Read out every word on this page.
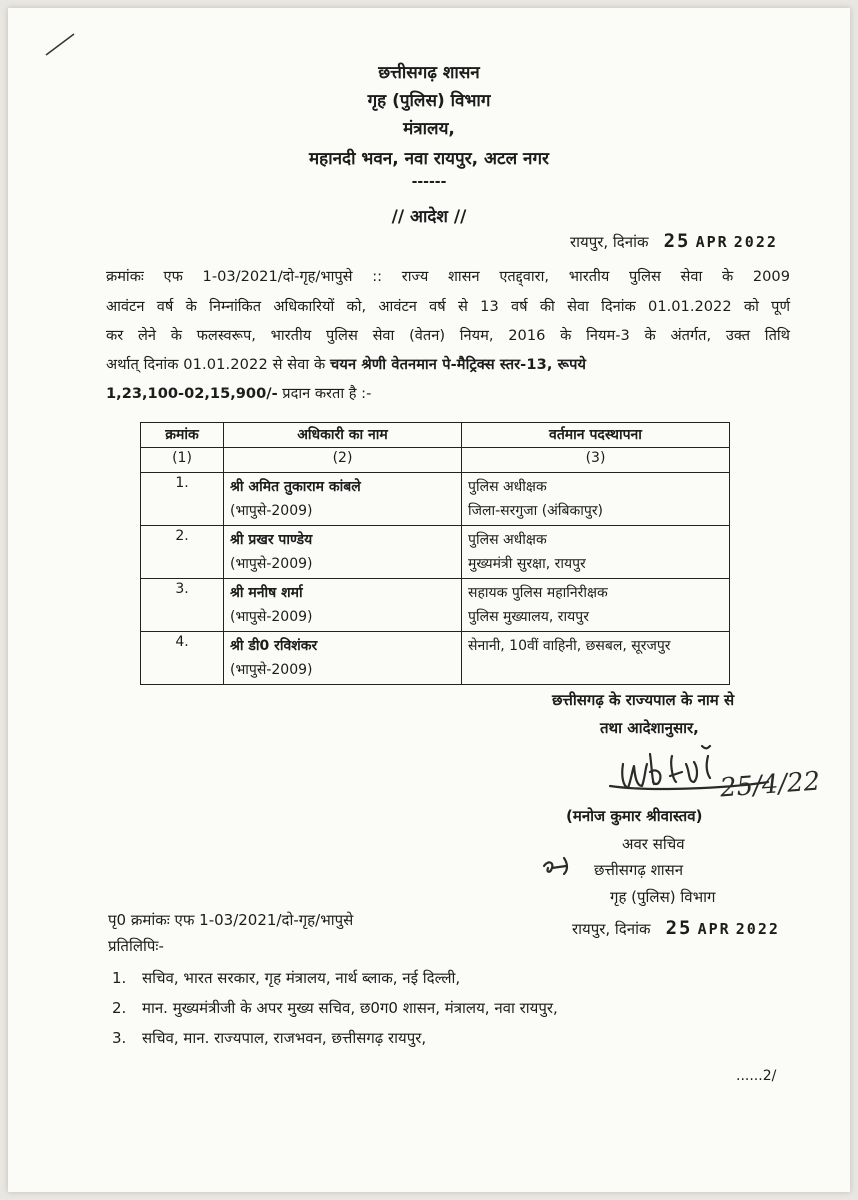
छत्तीसगढ़ शासन
गृह (पुलिस) विभाग
मंत्रालय,
महानदी भवन, नवा रायपुर, अटल नगर
------
// आदेश //
रायपुर, दिनांक 25 APR 2022
क्रमांकः एफ 1-03/2021/दो-गृह/भापुसे :: राज्य शासन एतद्द्वारा, भारतीय पुलिस सेवा के 2009
आवंटन वर्ष के निम्नांकित अधिकारियों को, आवंटन वर्ष से 13 वर्ष की सेवा दिनांक 01.01.2022 को पूर्ण
कर लेने के फलस्वरूप, भारतीय पुलिस सेवा (वेतन) नियम, 2016 के नियम-3 के अंतर्गत, उक्त तिथि
अर्थात् दिनांक 01.01.2022 से सेवा के चयन श्रेणी वेतनमान पे-मैट्रिक्स स्तर-13, रूपये
1,23,100-02,15,900/- प्रदान करता है :-
क्रमांक	अधिकारी का नाम	वर्तमान पदस्थापना
(1)	(2)	(3)
1.	श्री अमित तुकाराम कांबले
(भापुसे-2009)	पुलिस अधीक्षक
जिला-सरगुजा (अंबिकापुर)

2.	श्री प्रखर पाण्डेय
(भापुसे-2009)	पुलिस अधीक्षक
मुख्यमंत्री सुरक्षा, रायपुर

3.	श्री मनीष शर्मा
(भापुसे-2009)	सहायक पुलिस महानिरीक्षक
पुलिस मुख्यालय, रायपुर

4.	श्री डी0 रविशंकर
(भापुसे-2009)	सेनानी, 10वीं वाहिनी, छसबल, सूरजपुर
छत्तीसगढ़ के राज्यपाल के नाम से
तथा आदेशानुसार,
25/4/22
(मनोज कुमार श्रीवास्तव)
अवर सचिव
छत्तीसगढ़ शासन
गृह (पुलिस) विभाग
पृ0 क्रमांकः एफ 1-03/2021/दो-गृह/भापुसे	रायपुर, दिनांक 25 APR 2022
प्रतिलिपिः-
1. सचिव, भारत सरकार, गृह मंत्रालय, नार्थ ब्लाक, नई दिल्ली,
2. मान. मुख्यमंत्रीजी के अपर मुख्य सचिव, छ0ग0 शासन, मंत्रालय, नवा रायपुर,
3. सचिव, मान. राज्यपाल, राजभवन, छत्तीसगढ़ रायपुर,
......2/
